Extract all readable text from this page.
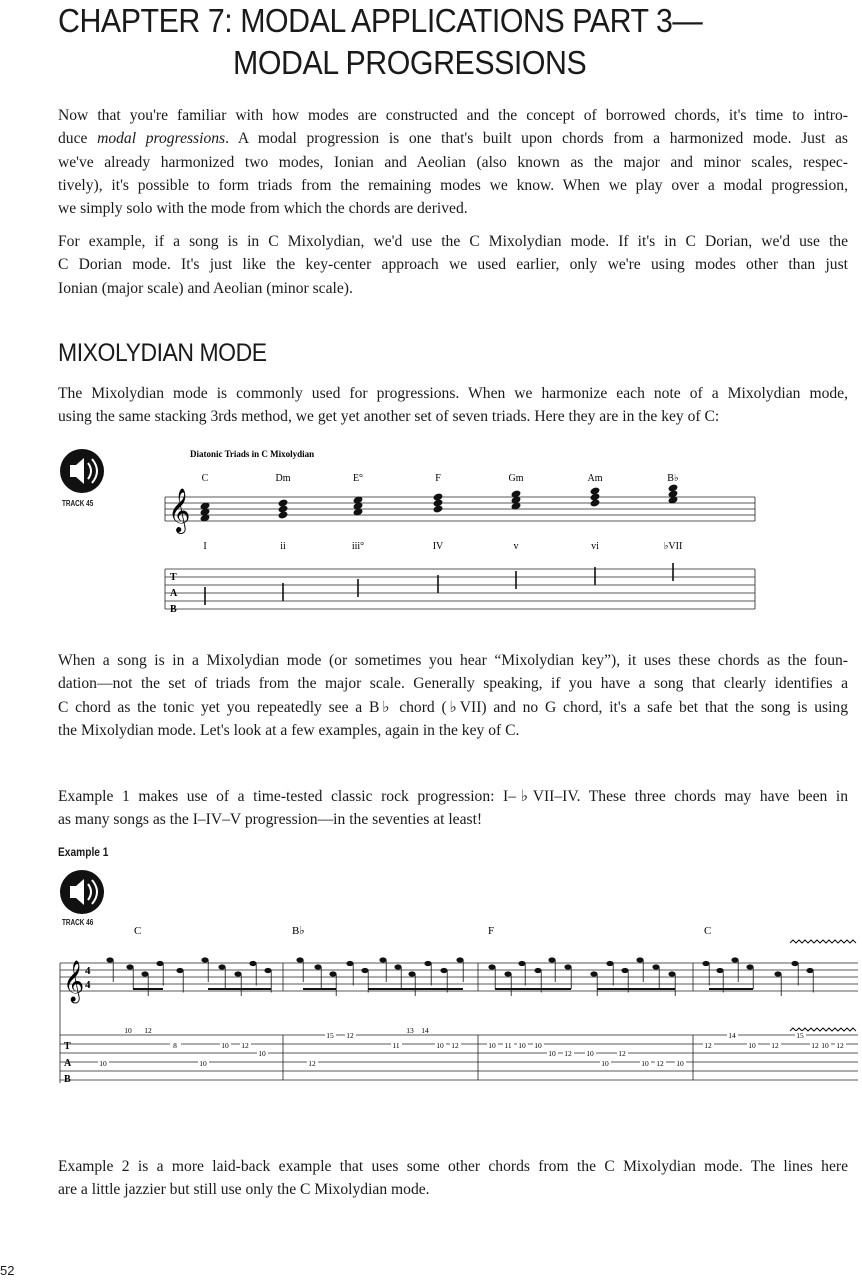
CHAPTER 7: MODAL APPLICATIONS PART 3—
MODAL PROGRESSIONS
Now that you're familiar with how modes are constructed and the concept of borrowed chords, it's time to intro-
duce modal progressions. A modal progression is one that's built upon chords from a harmonized mode. Just as
we've already harmonized two modes, Ionian and Aeolian (also known as the major and minor scales, respec-
tively), it's possible to form triads from the remaining modes we know. When we play over a modal progression,
we simply solo with the mode from which the chords are derived.
For example, if a song is in C Mixolydian, we'd use the C Mixolydian mode. If it's in C Dorian, we'd use the
C Dorian mode. It's just like the key-center approach we used earlier, only we're using modes other than just
Ionian (major scale) and Aeolian (minor scale).
MIXOLYDIAN MODE
The Mixolydian mode is commonly used for progressions. When we harmonize each note of a Mixolydian mode,
using the same stacking 3rds method, we get yet another set of seven triads. Here they are in the key of C:
When a song is in a Mixolydian mode (or sometimes you hear “Mixolydian key”), it uses these chords as the foun-
dation—not the set of triads from the major scale. Generally speaking, if you have a song that clearly identifies a
C chord as the tonic yet you repeatedly see a B♭ chord (♭VII) and no G chord, it's a safe bet that the song is using
the Mixolydian mode. Let's look at a few examples, again in the key of C.
Example 1 makes use of a time-tested classic rock progression: I–♭VII–IV. These three chords may have been in
as many songs as the I–IV–V progression—in the seventies at least!
Example 1
Example 2 is a more laid-back example that uses some other chords from the C Mixolydian mode. The lines here
are a little jazzier but still use only the C Mixolydian mode.
TRACK 45
TRACK 46
Diatonic Triads in C Mixolydian
C	Dm	E°	F	Gm	Am	B♭
𝄞
I	ii	iii°	IV	v	vi	♭VII
T
A
B
C	B♭	F	C
𝄞 4
4
T
A
B
10
10 12
8
10
10 12
10
12
15 12
11
13 14
10 12	10 11 10 10
10 12 10
10
12
10 12 10
12
14
10 12
15
12 10 12
52
